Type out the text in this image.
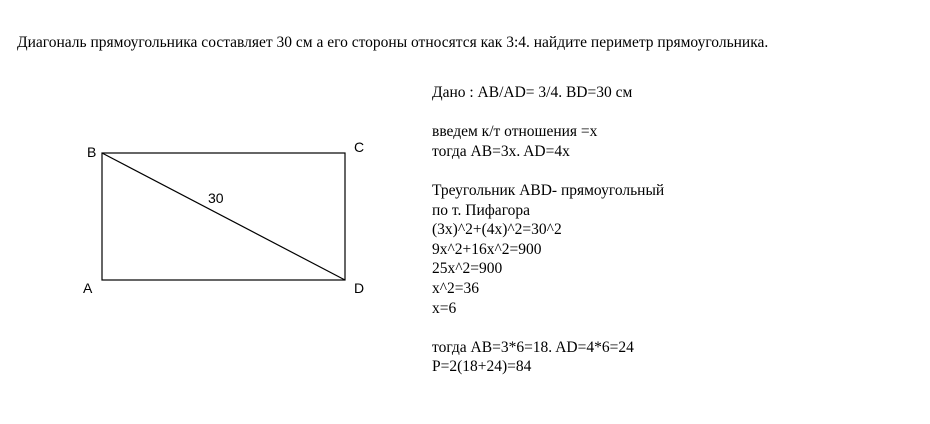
Диагональ прямоугольника составляет 30 см а его стороны относятся как 3:4. найдите периметр прямоугольника.
B	C
A	D
30
Дано : AB/AD= 3/4. BD=30 см
введем к/т отношения =x
тогда AB=3x. AD=4x
Треугольник ABD- прямоугольный
по т. Пифагора
(3x)^2+(4x)^2=30^2
9x^2+16x^2=900
25x^2=900
x^2=36
x=6
тогда AB=3*6=18. AD=4*6=24
P=2(18+24)=84
